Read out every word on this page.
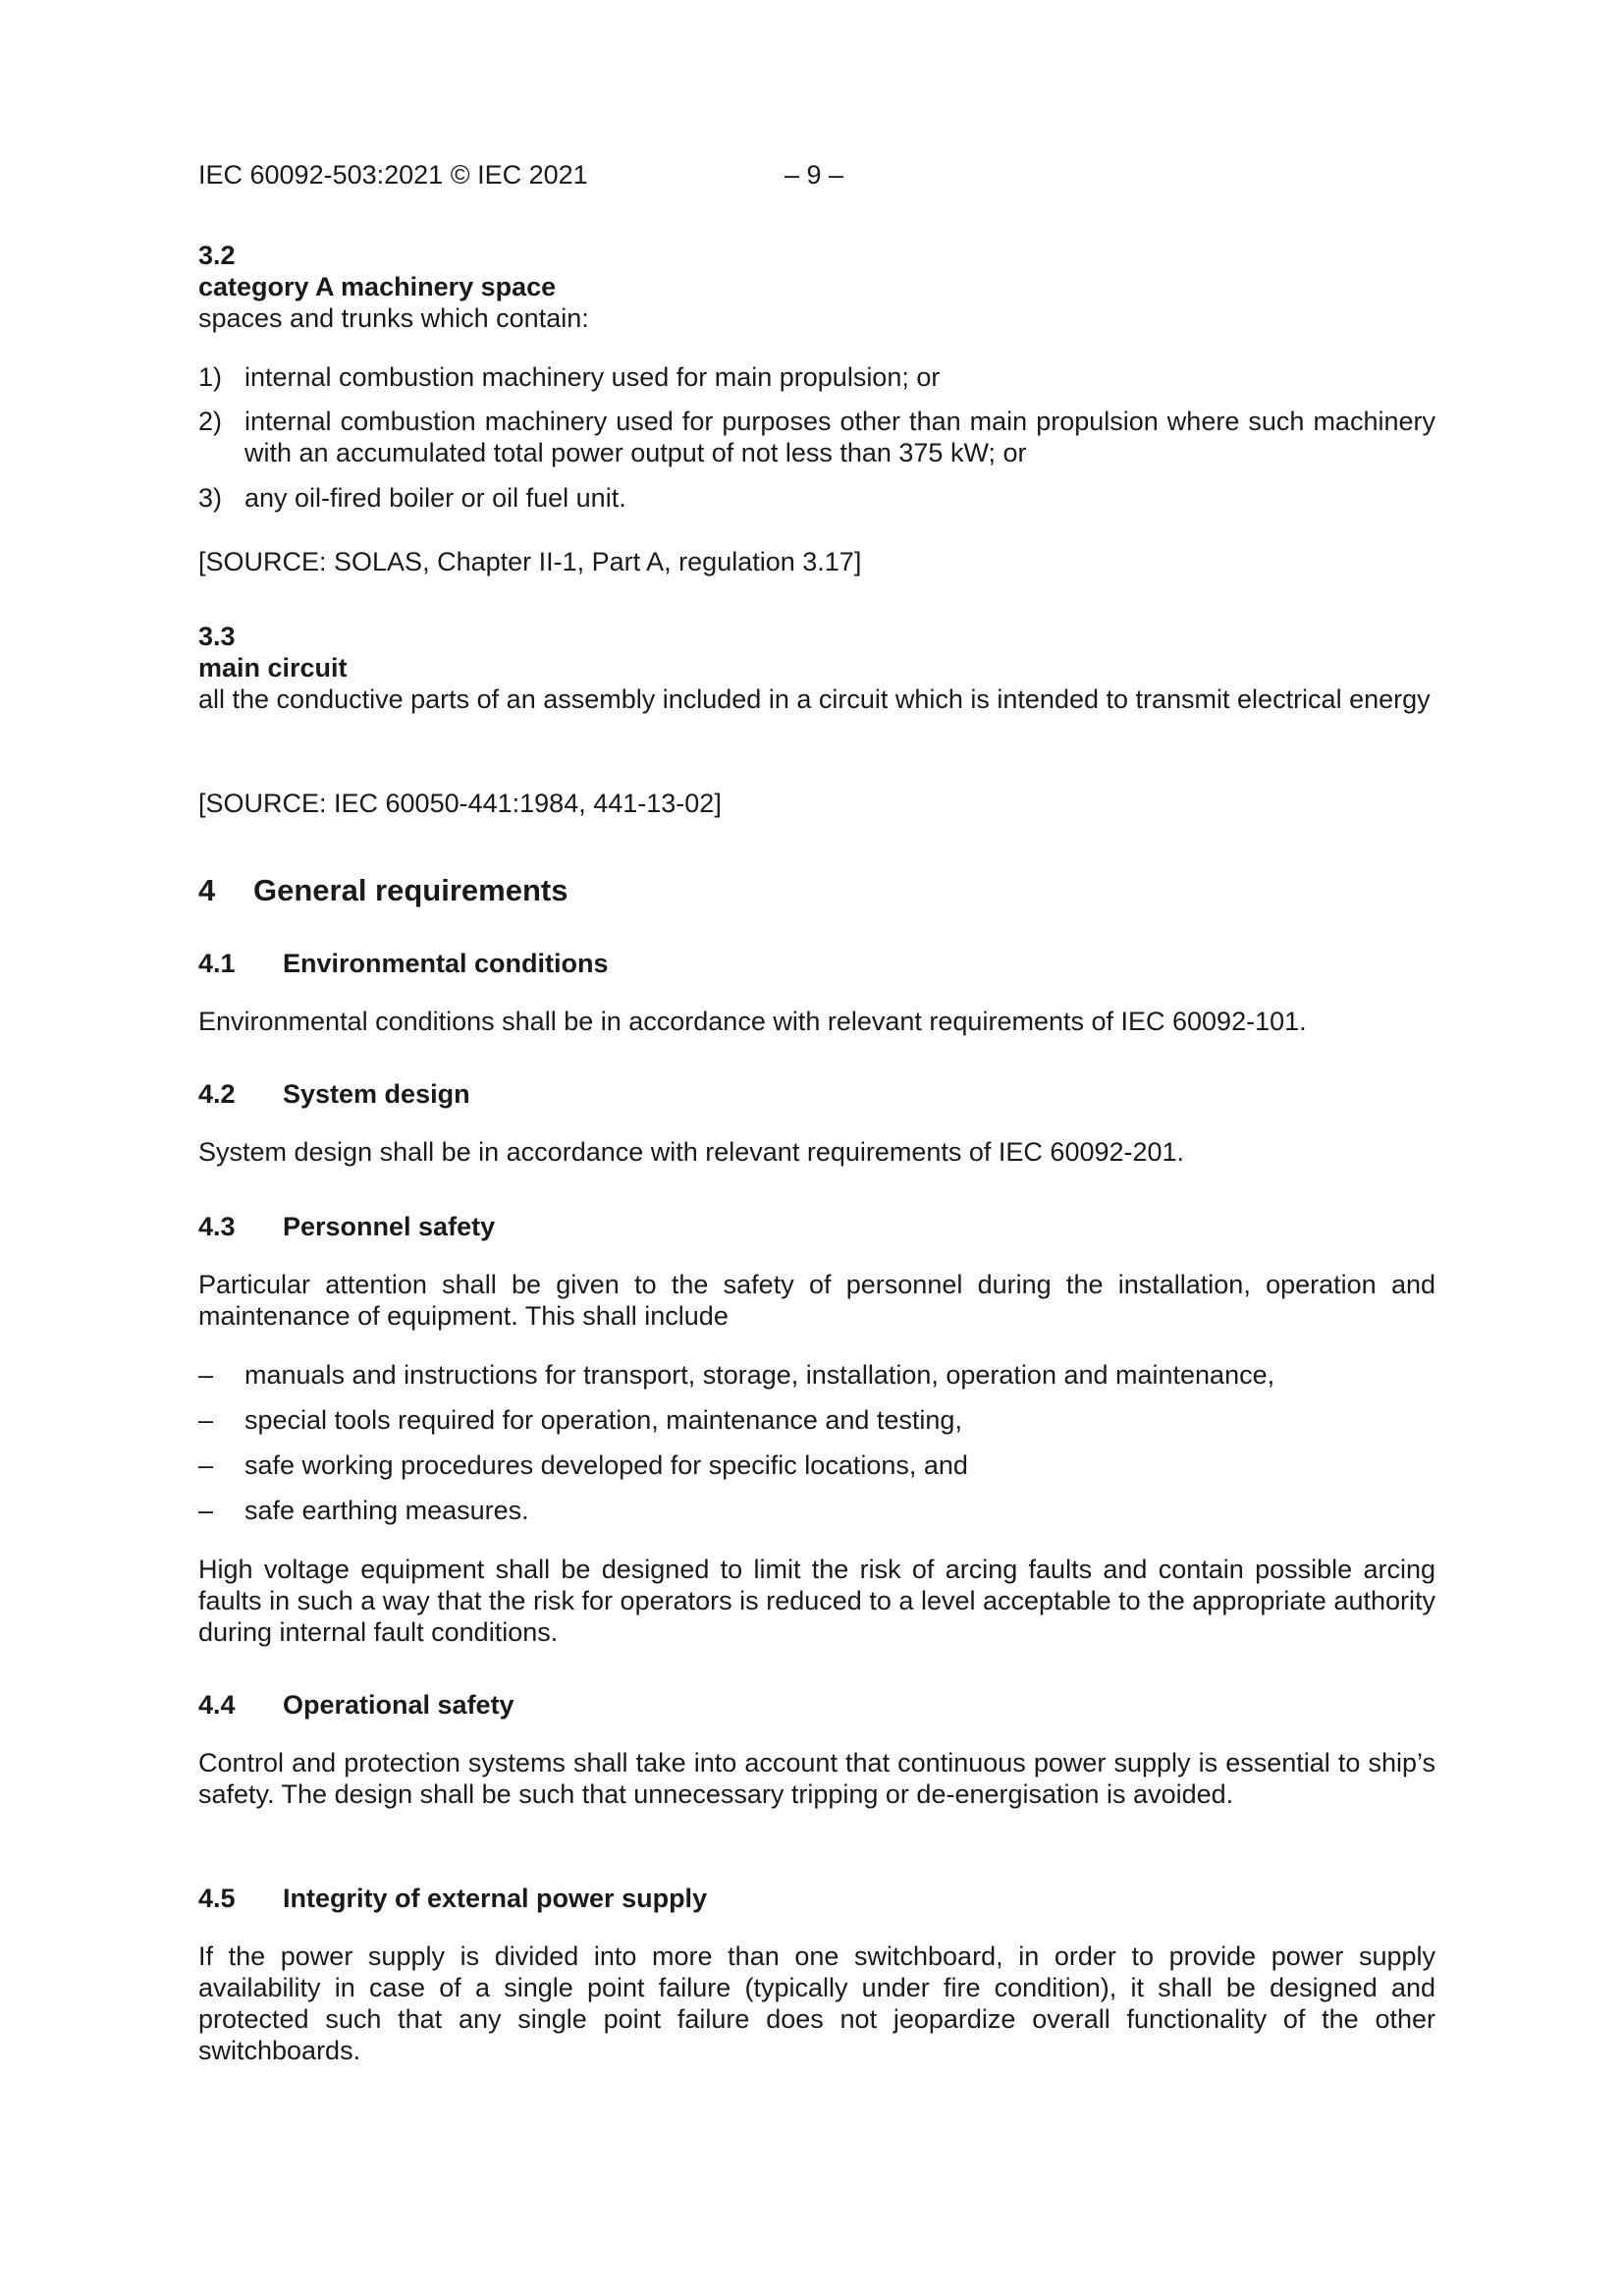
IEC 60092-503:2021 © IEC 2021	– 9 –
3.2
category A machinery space
spaces and trunks which contain:
1) internal combustion machinery used for main propulsion; or
2) internal combustion machinery used for purposes other than main propulsion where such machinery with an accumulated total power output of not less than 375 kW; or
3) any oil-fired boiler or oil fuel unit.
[SOURCE: SOLAS, Chapter II-1, Part A, regulation 3.17]
3.3
main circuit
all the conductive parts of an assembly included in a circuit which is intended to transmit electrical energy
[SOURCE: IEC 60050-441:1984, 441-13-02]
4 General requirements
4.1 Environmental conditions
Environmental conditions shall be in accordance with relevant requirements of IEC 60092-101.
4.2 System design
System design shall be in accordance with relevant requirements of IEC 60092-201.
4.3 Personnel safety
Particular attention shall be given to the safety of personnel during the installation, operation and maintenance of equipment. This shall include
– manuals and instructions for transport, storage, installation, operation and maintenance,
– special tools required for operation, maintenance and testing,
– safe working procedures developed for specific locations, and
– safe earthing measures.
High voltage equipment shall be designed to limit the risk of arcing faults and contain possible arcing faults in such a way that the risk for operators is reduced to a level acceptable to the appropriate authority during internal fault conditions.
4.4 Operational safety
Control and protection systems shall take into account that continuous power supply is essential to ship’s safety. The design shall be such that unnecessary tripping or de-energisation is avoided.
4.5 Integrity of external power supply
If the power supply is divided into more than one switchboard, in order to provide power supply availability in case of a single point failure (typically under fire condition), it shall be designed and protected such that any single point failure does not jeopardize overall functionality of the other switchboards.
